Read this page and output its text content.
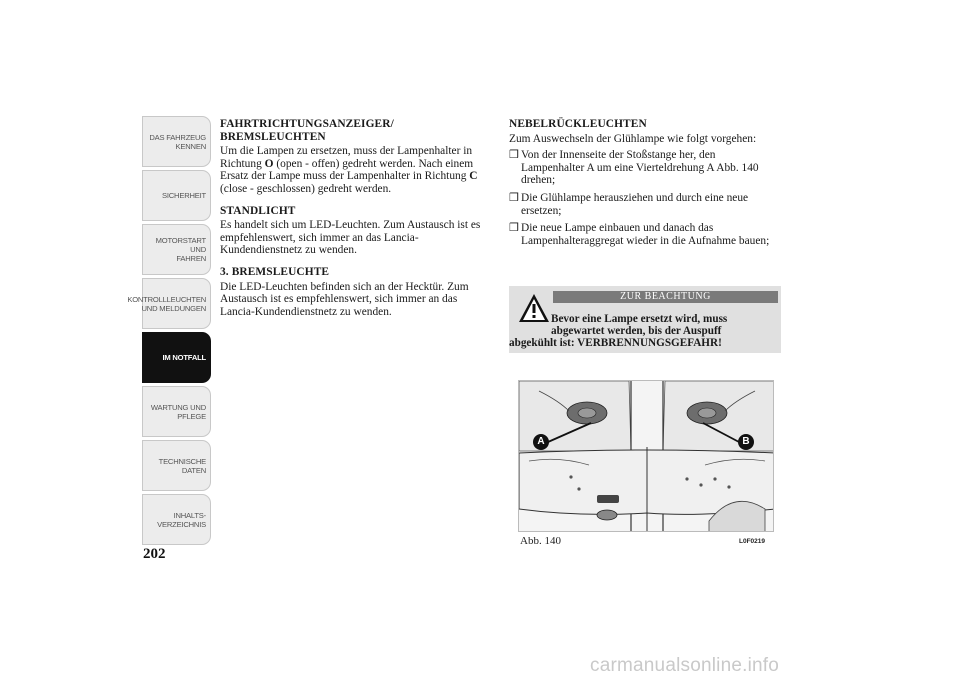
DAS FAHRZEUG
KENNEN
SICHERHEIT
MOTORSTART UND
FAHREN
KONTROLLLEUCHTEN
UND MELDUNGEN
IM NOTFALL
WARTUNG UND
PFLEGE
TECHNISCHE
DATEN
INHALTS-
VERZEICHNIS
202
FAHRTRICHTUNGSANZEIGER/
BREMSLEUCHTEN
Um die Lampen zu ersetzen, muss der Lampenhalter in Richtung O (open - offen) gedreht werden. Nach einem Ersatz der Lampe muss der Lampenhalter in Richtung C (close - geschlossen) gedreht werden.
STANDLICHT
Es handelt sich um LED-Leuchten. Zum Austausch ist es empfehlenswert, sich immer an das Lancia-Kundendienstnetz zu wenden.
3. BREMSLEUCHTE
Die LED-Leuchten befinden sich an der Hecktür. Zum Austausch ist es empfehlenswert, sich immer an das Lancia-Kundendienstnetz zu wenden.
NEBELRÜCKLEUCHTEN
Zum Auswechseln der Glühlampe wie folgt vorgehen:
❒ Von der Innenseite der Stoßstange her, den Lampenhalter A um eine Vierteldrehung A Abb. 140 drehen;
❒ Die Glühlampe herausziehen und durch eine neue ersetzen;
❒ Die neue Lampe einbauen und danach das Lampenhalteraggregat wieder in die Aufnahme bauen;
ZUR BEACHTUNG
Bevor eine Lampe ersetzt wird, muss
abgewartet werden, bis der Auspuff
abgekühlt ist: VERBRENNUNGSGEFAHR!
A	B
Abb. 140	L0F0219
carmanualsonline.info
